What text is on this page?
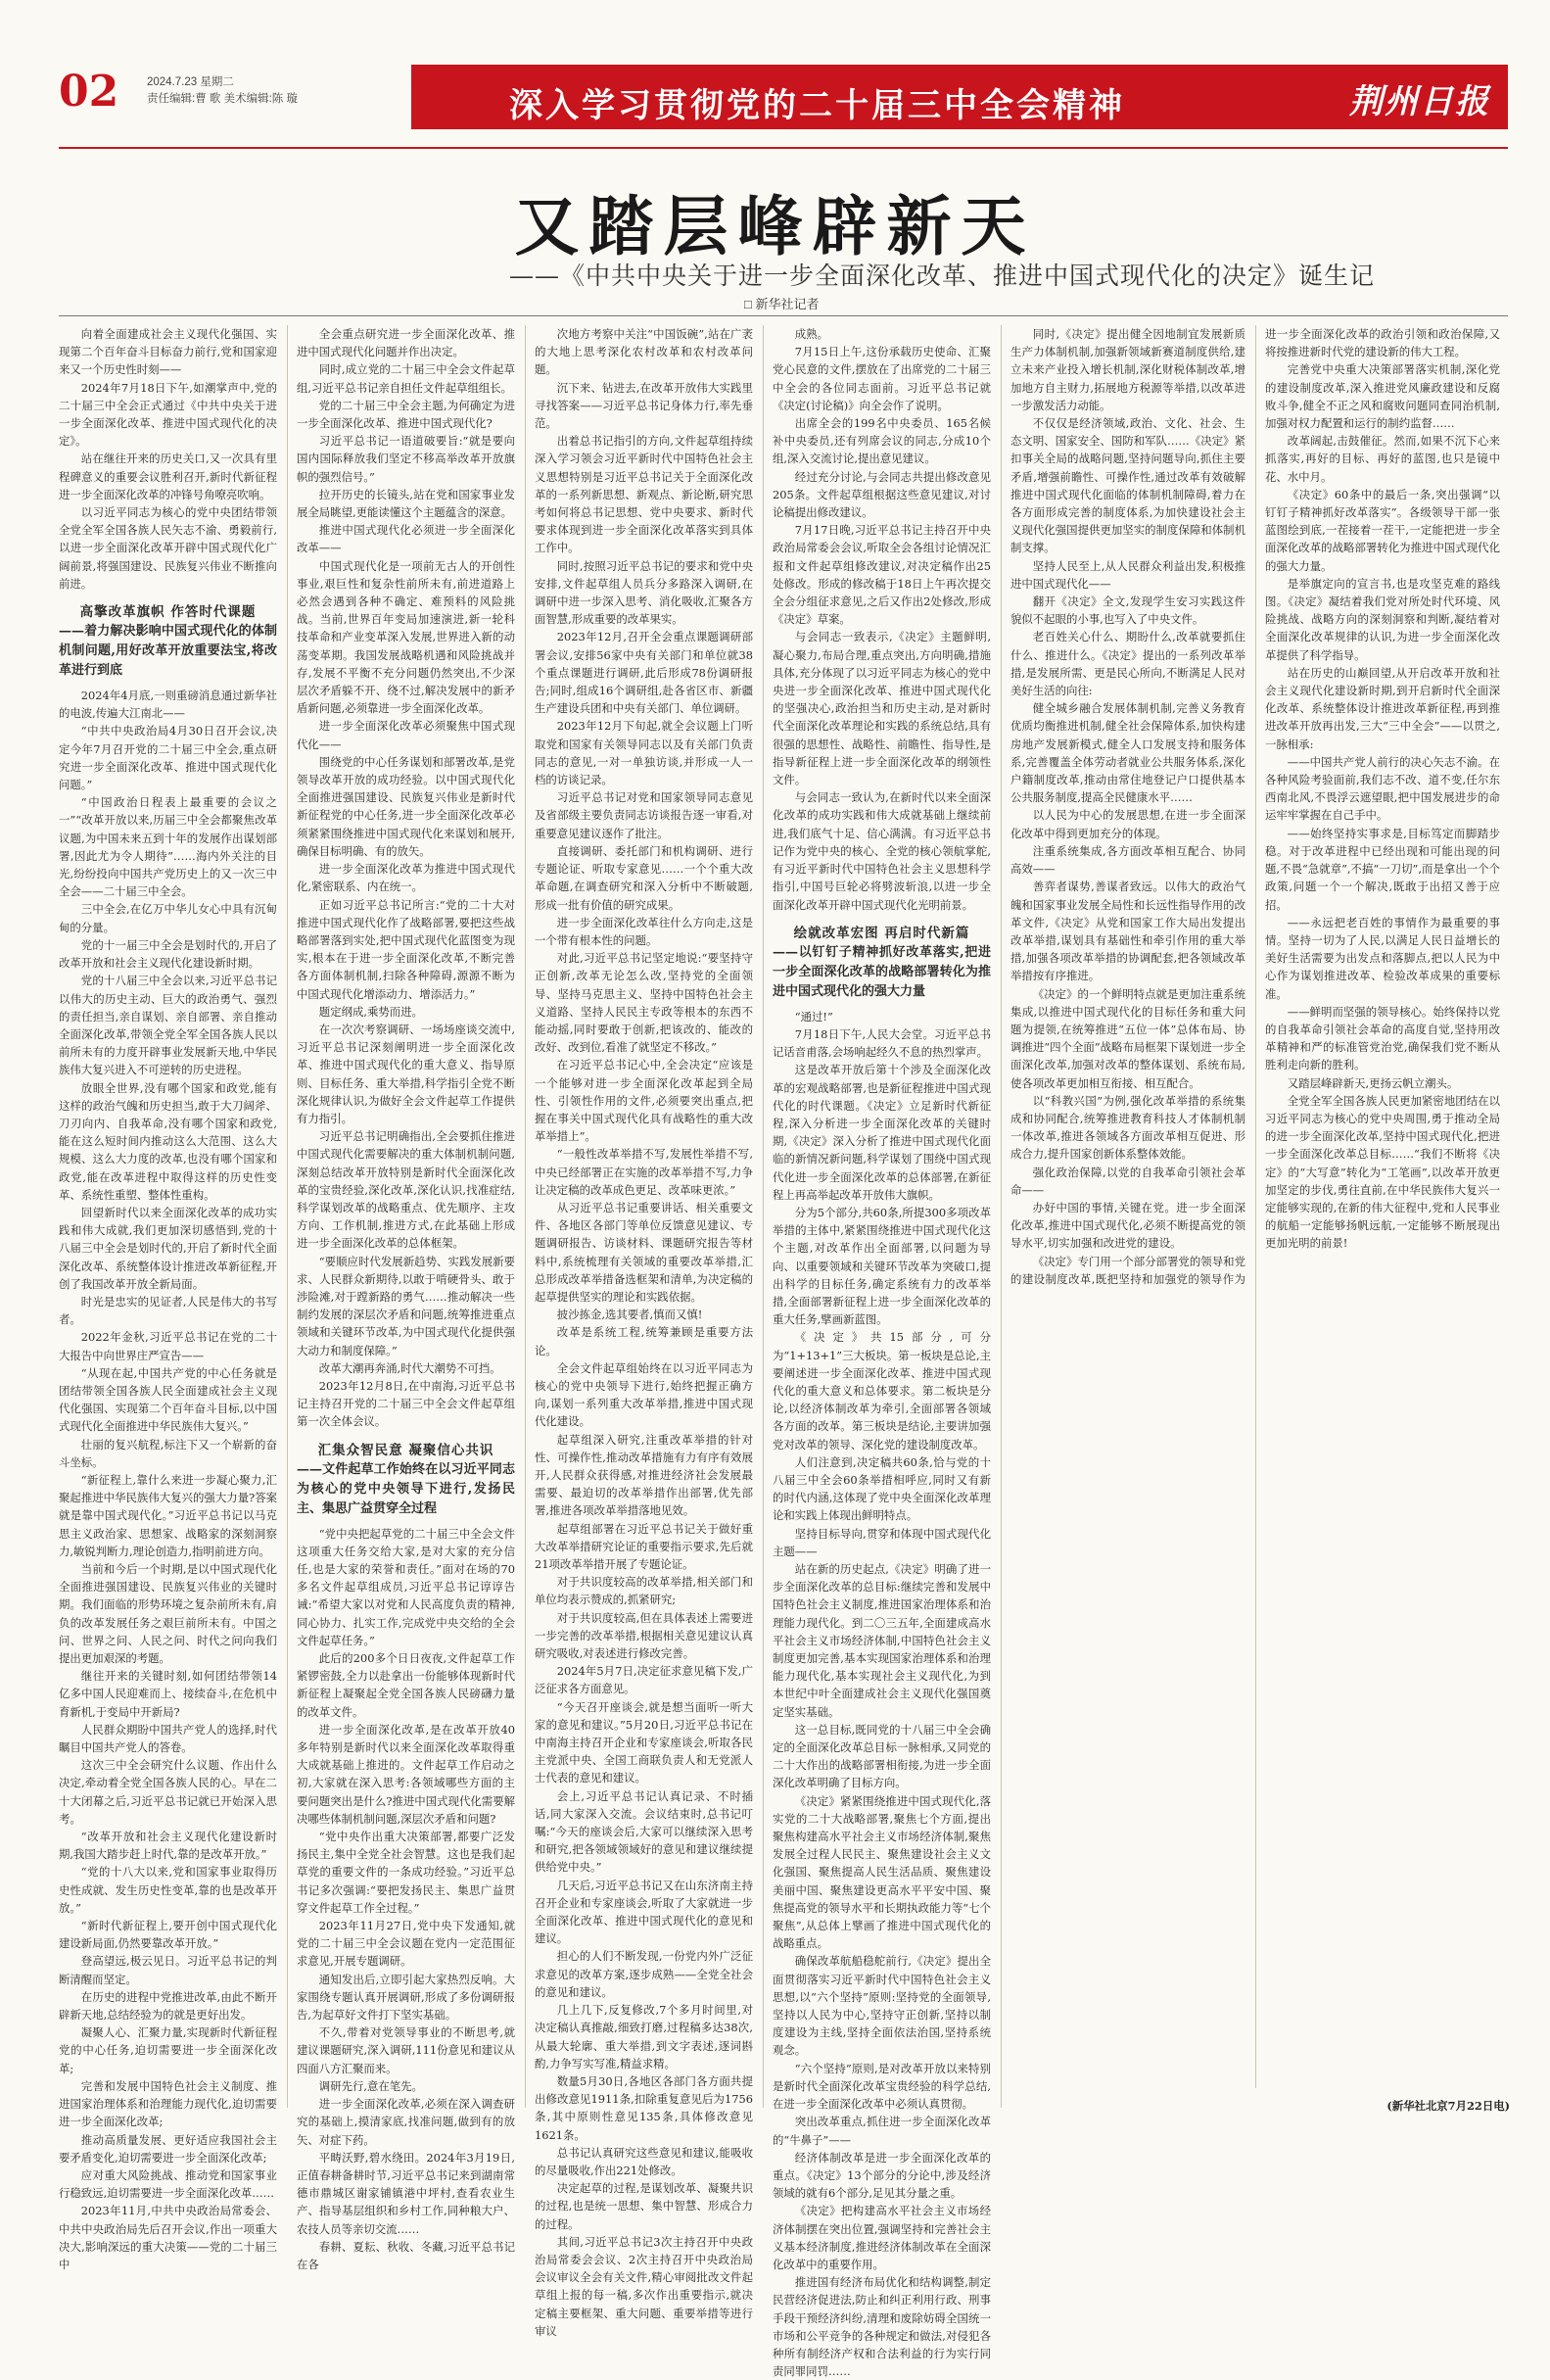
02	2024.7.23 星期二
责任编辑:曹 歌 美术编辑:陈 璇	深入学习贯彻党的二十届三中全会精神	荆州日报
又踏层峰辟新天
——《中共中央关于进一步全面深化改革、推进中国式现代化的决定》诞生记
□ 新华社记者

向着全面建成社会主义现代化强国、实现第二个百年奋斗目标奋力前行,党和国家迎来又一个历史性时刻——

2024年7月18日下午,如潮掌声中,党的二十届三中全会正式通过《中共中央关于进一步全面深化改革、推进中国式现代化的决定》。

站在继往开来的历史关口,又一次具有里程碑意义的重要会议胜利召开,新时代新征程进一步全面深化改革的冲锋号角嘹亮吹响。

以习近平同志为核心的党中央团结带领全党全军全国各族人民矢志不渝、勇毅前行,以进一步全面深化改革开辟中国式现代化广阔前景,将强国建设、民族复兴伟业不断推向前进。

高擎改革旗帜 作答时代课题
——着力解决影响中国式现代化的体制机制问题,用好改革开放重要法宝,将改革进行到底

2024年4月底,一则重磅消息通过新华社的电波,传遍大江南北——

“中共中央政治局4月30日召开会议,决定今年7月召开党的二十届三中全会,重点研究进一步全面深化改革、推进中国式现代化问题。”

“中国政治日程表上最重要的会议之一”“改革开放以来,历届三中全会都聚焦改革议题,为中国未来五到十年的发展作出谋划部署,因此尤为令人期待”……海内外关注的目光,纷纷投向中国共产党历史上的又一次三中全会——二十届三中全会。

三中全会,在亿万中华儿女心中具有沉甸甸的分量。

党的十一届三中全会是划时代的,开启了改革开放和社会主义现代化建设新时期。

党的十八届三中全会以来,习近平总书记以伟大的历史主动、巨大的政治勇气、强烈的责任担当,亲自谋划、亲自部署、亲自推动全面深化改革,带领全党全军全国各族人民以前所未有的力度开辟事业发展新天地,中华民族伟大复兴进入不可逆转的历史进程。

放眼全世界,没有哪个国家和政党,能有这样的政治气魄和历史担当,敢于大刀阔斧、刀刃向内、自我革命,没有哪个国家和政党,能在这么短时间内推动这么大范围、这么大规模、这么大力度的改革,也没有哪个国家和政党,能在改革进程中取得这样的历史性变革、系统性重塑、整体性重构。

回望新时代以来全面深化改革的成功实践和伟大成就,我们更加深切感悟到,党的十八届三中全会是划时代的,开启了新时代全面深化改革、系统整体设计推进改革新征程,开创了我国改革开放全新局面。

时光是忠实的见证者,人民是伟大的书写者。

2022年金秋,习近平总书记在党的二十大报告中向世界庄严宣告——

“从现在起,中国共产党的中心任务就是团结带领全国各族人民全面建成社会主义现代化强国、实现第二个百年奋斗目标,以中国式现代化全面推进中华民族伟大复兴。”

壮丽的复兴航程,标注下又一个崭新的奋斗坐标。

“新征程上,靠什么来进一步凝心聚力,汇聚起推进中华民族伟大复兴的强大力量?答案就是靠中国式现代化。”习近平总书记以马克思主义政治家、思想家、战略家的深刻洞察力,敏锐判断力,理论创造力,指明前进方向。

当前和今后一个时期,是以中国式现代化全面推进强国建设、民族复兴伟业的关键时期。我们面临的形势环境之复杂前所未有,肩负的改革发展任务之艰巨前所未有。中国之问、世界之问、人民之问、时代之问向我们提出更加艰深的考题。

继往开来的关键时刻,如何团结带领14亿多中国人民迎难而上、接续奋斗,在危机中育新机,于变局中开新局?

人民群众期盼中国共产党人的选择,时代瞩目中国共产党人的答卷。

这次三中全会研究什么议题、作出什么决定,牵动着全党全国各族人民的心。早在二十大闭幕之后,习近平总书记就已开始深入思考。

“改革开放和社会主义现代化建设新时期,我国大踏步赶上时代,靠的是改革开放。”

“党的十八大以来,党和国家事业取得历史性成就、发生历史性变革,靠的也是改革开放。”

“新时代新征程上,要开创中国式现代化建设新局面,仍然要靠改革开放。”

登高望远,极云见日。习近平总书记的判断清醒而坚定。

在历史的进程中党推进改革,由此不断开辟新天地,总结经验为的就是更好出发。

凝聚人心、汇聚力量,实现新时代新征程党的中心任务,迫切需要进一步全面深化改革;

完善和发展中国特色社会主义制度、推进国家治理体系和治理能力现代化,迫切需要进一步全面深化改革;

推动高质量发展、更好适应我国社会主要矛盾变化,迫切需要进一步全面深化改革;

应对重大风险挑战、推动党和国家事业行稳致远,迫切需要进一步全面深化改革……

2023年11月,中共中央政治局常委会、中共中央政治局先后召开会议,作出一项重大决大,影响深远的重大决策——党的二十届三中

全会重点研究进一步全面深化改革、推进中国式现代化问题并作出决定。

同时,成立党的二十届三中全会文件起草组,习近平总书记亲自担任文件起草组组长。

党的二十届三中全会主题,为何确定为进一步全面深化改革、推进中国式现代化?

习近平总书记一语道破要旨:“就是要向国内国际释放我们坚定不移高举改革开放旗帜的强烈信号。”

拉开历史的长镜头,站在党和国家事业发展全局眺望,更能读懂这个主题蕴含的深意。

推进中国式现代化必须进一步全面深化改革——

中国式现代化是一项前无古人的开创性事业,艰巨性和复杂性前所未有,前进道路上必然会遇到各种不确定、难预料的风险挑战。当前,世界百年变局加速演进,新一轮科技革命和产业变革深入发展,世界进入新的动荡变革期。我国发展战略机遇和风险挑战并存,发展不平衡不充分问题仍然突出,不少深层次矛盾躲不开、绕不过,解决发展中的新矛盾新问题,必须靠进一步全面深化改革。

进一步全面深化改革必须聚焦中国式现代化——

围绕党的中心任务谋划和部署改革,是党领导改革开放的成功经验。以中国式现代化全面推进强国建设、民族复兴伟业是新时代新征程党的中心任务,进一步全面深化改革必须紧紧围绕推进中国式现代化来谋划和展开,确保目标明确、有的放矢。

进一步全面深化改革为推进中国式现代化,紧密联系、内在统一。

正如习近平总书记所言:“党的二十大对推进中国式现代化作了战略部署,要把这些战略部署落到实处,把中国式现代化蓝图变为现实,根本在于进一步全面深化改革,不断完善各方面体制机制,扫除各种障碍,源源不断为中国式现代化增添动力、增添活力。”

题定纲成,乘势而进。

在一次次考察调研、一场场座谈交流中,习近平总书记深刻阐明进一步全面深化改革、推进中国式现代化的重大意义、指导原则、目标任务、重大举措,科学指引全党不断深化规律认识,为做好全会文件起草工作提供有力指引。

习近平总书记明确指出,全会要抓住推进中国式现代化需要解决的重大体制机制问题,深刻总结改革开放特别是新时代全面深化改革的宝贵经验,深化改革,深化认识,找准症结,科学谋划改革的战略重点、优先顺序、主攻方向、工作机制,推进方式,在此基础上形成进一步全面深化改革的总体框架。

“要顺应时代发展新趋势、实践发展新要求、人民群众新期待,以敢于啃硬骨头、敢于涉险滩,对于蹚新路的勇气……推动解决一些制约发展的深层次矛盾和问题,统筹推进重点领域和关键环节改革,为中国式现代化提供强大动力和制度保障。”

改革大潮再奔涌,时代大潮势不可挡。

2023年12月8日,在中南海,习近平总书记主持召开党的二十届三中全会文件起草组第一次全体会议。

汇集众智民意 凝聚信心共识
——文件起草工作始终在以习近平同志为核心的党中央领导下进行,发扬民主、集思广益贯穿全过程

“党中央把起草党的二十届三中全会文件这项重大任务交给大家,是对大家的充分信任,也是大家的荣誉和责任。”面对在场的70多名文件起草组成员,习近平总书记谆谆告诫:“希望大家以对党和人民高度负责的精神,同心协力、扎实工作,完成党中央交给的全会文件起草任务。”

此后的200多个日日夜夜,文件起草工作紧锣密鼓,全力以赴拿出一份能够体现新时代新征程上凝聚起全党全国各族人民磅礴力量的改革文件。

进一步全面深化改革,是在改革开放40多年特别是新时代以来全面深化改革取得重大成就基础上推进的。文件起草工作启动之初,大家就在深入思考:各领域哪些方面的主要问题突出是什么?推进中国式现代化需要解决哪些体制机制问题,深层次矛盾和问题?

“党中央作出重大决策部署,都要广泛发扬民主,集中全党全社会智慧。这也是我们起草党的重要文件的一条成功经验。”习近平总书记多次强调:“要把发扬民主、集思广益贯穿文件起草工作全过程。”

2023年11月27日,党中央下发通知,就党的二十届三中全会议题在党内一定范围征求意见,开展专题调研。

通知发出后,立即引起大家热烈反响。大家围绕专题认真开展调研,形成了多份调研报告,为起草好文件打下坚实基础。

不久,带着对党领导事业的不断思考,就建议课题研究,深入调研,111份意见和建议从四面八方汇聚而来。

调研先行,意在笔先。

进一步全面深化改革,必须在深入调查研究的基础上,摸清家底,找准问题,做到有的放矢、对症下药。

平畴沃野,碧水绕田。2024年3月19日,正值春耕备耕时节,习近平总书记来到湖南常德市鼎城区谢家铺镇港中坪村,查看农业生产、指导基层组织和乡村工作,同种粮大户、农技人员等亲切交流……

春耕、夏耘、秋收、冬藏,习近平总书记在各

次地方考察中关注“中国饭碗”,站在广袤的大地上思考深化农村改革和农村改革问题。

沉下来、钻进去,在改革开放伟大实践里寻找答案——习近平总书记身体力行,率先垂范。

出着总书记指引的方向,文件起草组持续深入学习领会习近平新时代中国特色社会主义思想特别是习近平总书记关于全面深化改革的一系列新思想、新观点、新论断,研究思考如何将总书记思想、党中央要求、新时代要求体现到进一步全面深化改革落实到具体工作中。

同时,按照习近平总书记的要求和党中央安排,文件起草组人员兵分多路深入调研,在调研中进一步深入思考、消化吸收,汇聚各方面智慧,形成重要的改革果实。

2023年12月,召开全会重点课题调研部署会议,安排56家中央有关部门和单位就38个重点课题进行调研,此后形成78份调研报告;同时,组成16个调研组,赴各省区市、新疆生产建设兵团和中央有关部门、单位调研。

2023年12月下旬起,就全会议题上门听取党和国家有关领导同志以及有关部门负责同志的意见,一对一单独访谈,并形成一人一档的访谈记录。

习近平总书记对党和国家领导同志意见及省部级主要负责同志访谈报告逐一审看,对重要意见建议逐作了批注。

直接调研、委托部门和机构调研、进行专题论证、听取专家意见……一个个重大改革命题,在调查研究和深入分析中不断破题,形成一批有价值的研究成果。

进一步全面深化改革往什么方向走,这是一个带有根本性的问题。

对此,习近平总书记坚定地说:“要坚持守正创新,改革无论怎么改,坚持党的全面领导、坚持马克思主义、坚持中国特色社会主义道路、坚持人民民主专政等根本的东西不能动摇,同时要敢于创新,把该改的、能改的改好、改到位,看准了就坚定不移改。”

在习近平总书记心中,全会决定“应该是一个能够对进一步全面深化改革起到全局性、引领性作用的文件,必须要突出重点,把握在事关中国式现代化具有战略性的重大改革举措上”。

“一般性改革举措不写,发展性举措不写,中央已经部署正在实施的改革举措不写,力争让决定稿的改革成色更足、改革味更浓。”

从习近平总书记重要讲话、相关重要文件、各地区各部门等单位反馈意见建议、专题调研报告、访谈材料、课题研究报告等材料中,系统梳理有关领域的重要改革举措,汇总形成改革举措备选框架和清单,为决定稿的起草提供坚实的理论和实践依据。

披沙拣金,选其要者,慎而又慎!

改革是系统工程,统筹兼顾是重要方法论。

全会文件起草组始终在以习近平同志为核心的党中央领导下进行,始终把握正确方向,谋划一系列重大改革举措,推进中国式现代化建设。

起草组深入研究,注重改革举措的针对性、可操作性,推动改革措施有力有序有效展开,人民群众获得感,对推进经济社会发展最需要、最迫切的改革举措作出部署,优先部署,推进各项改革举措落地见效。

起草组部署在习近平总书记关于做好重大改革举措研究论证的重要指示要求,先后就21项改革举措开展了专题论证。

对于共识度较高的改革举措,相关部门和单位均表示赞成的,抓紧研究;

对于共识度较高,但在具体表述上需要进一步完善的改革举措,根据相关意见建议认真研究吸收,对表述进行修改完善。

2024年5月7日,决定征求意见稿下发,广泛征求各方面意见。

“今天召开座谈会,就是想当面听一听大家的意见和建议。”5月20日,习近平总书记在中南海主持召开企业和专家座谈会,听取各民主党派中央、全国工商联负责人和无党派人士代表的意见和建议。

会上,习近平总书记认真记录、不时插话,同大家深入交流。会议结束时,总书记叮嘱:“今天的座谈会后,大家可以继续深入思考和研究,把各领域领域好的意见和建议继续提供给党中央。”

几天后,习近平总书记又在山东济南主持召开企业和专家座谈会,听取了大家就进一步全面深化改革、推进中国式现代化的意见和建议。

担心的人们不断发现,一份党内外广泛征求意见的改革方案,逐步成熟——全党全社会的意见和建议。

几上几下,反复修改,7个多月时间里,对决定稿认真推敲,细致打磨,过程稿多达38次,从最大轮廓、重大举措,到文字表述,逐词斟酌,力争写实写准,精益求精。

数量5月30日,各地区各部门各方面共提出修改意见1911条,扣除重复意见后为1756条,其中原则性意见135条,具体修改意见1621条。

总书记认真研究这些意见和建议,能吸收的尽量吸收,作出221处修改。

决定起草的过程,是谋划改革、凝聚共识的过程,也是统一思想、集中智慧、形成合力的过程。

其间,习近平总书记3次主持召开中央政治局常委会会议、2次主持召开中央政治局会议审议全会有关文件,精心审阅批改文件起草组上报的每一稿,多次作出重要指示,就决定稿主要框架、重大问题、重要举措等进行审议

成熟。

7月15日上午,这份承载历史使命、汇聚党心民意的文件,摆放在了出席党的二十届三中全会的各位同志面前。习近平总书记就《决定(讨论稿)》向全会作了说明。

出席全会的199名中央委员、165名候补中央委员,还有列席会议的同志,分成10个组,深入交流讨论,提出意见建议。

经过充分讨论,与会同志共提出修改意见205条。文件起草组根据这些意见建议,对讨论稿提出修改建议。

7月17日晚,习近平总书记主持召开中央政治局常委会会议,听取全会各组讨论情况汇报和文件起草组修改建议,对决定稿作出25处修改。形成的修改稿于18日上午再次提交全会分组征求意见,之后又作出2处修改,形成《决定》草案。

与会同志一致表示,《决定》主题鲜明,凝心聚力,布局合理,重点突出,方向明确,措施具体,充分体现了以习近平同志为核心的党中央进一步全面深化改革、推进中国式现代化的坚强决心,政治担当和历史主动,是对新时代全面深化改革理论和实践的系统总结,具有很强的思想性、战略性、前瞻性、指导性,是指导新征程上进一步全面深化改革的纲领性文件。

与会同志一致认为,在新时代以来全面深化改革的成功实践和伟大成就基础上继续前进,我们底气十足、信心满满。有习近平总书记作为党中央的核心、全党的核心领航掌舵,有习近平新时代中国特色社会主义思想科学指引,中国号巨轮必将劈波斩浪,以进一步全面深化改革开辟中国式现代化光明前景。

绘就改革宏图 再启时代新篇
——以钉钉子精神抓好改革落实,把进一步全面深化改革的战略部署转化为推进中国式现代化的强大力量

“通过!”

7月18日下午,人民大会堂。习近平总书记话音甫落,会场响起经久不息的热烈掌声。

这是改革开放后第十个涉及全面深化改革的宏观战略部署,也是新征程推进中国式现代化的时代课题。《决定》立足新时代新征程,深入分析进一步全面深化改革的关键时期,《决定》深入分析了推进中国式现代化面临的新情况新问题,科学谋划了围绕中国式现代化进一步全面深化改革的总体部署,在新征程上再高举起改革开放伟大旗帜。

分为5个部分,共60条,所提300多项改革举措的主体中,紧紧围绕推进中国式现代化这个主题,对改革作出全面部署,以问题为导向、以重要领域和关键环节改革为突破口,提出科学的目标任务,确定系统有力的改革举措,全面部署新征程上进一步全面深化改革的重大任务,擘画新蓝图。

《决定》共15部分,可分为“1+13+1”三大板块。第一板块是总论,主要阐述进一步全面深化改革、推进中国式现代化的重大意义和总体要求。第二板块是分论,以经济体制改革为牵引,全面部署各领域各方面的改革。第三板块是结论,主要讲加强党对改革的领导、深化党的建设制度改革。

人们注意到,决定稿共60条,恰与党的十八届三中全会60条举措相呼应,同时又有新的时代内涵,这体现了党中央全面深化改革理论和实践上体现出鲜明特点。

坚持目标导向,贯穿和体现中国式现代化主题——

站在新的历史起点,《决定》明确了进一步全面深化改革的总目标:继续完善和发展中国特色社会主义制度,推进国家治理体系和治理能力现代化。到二〇三五年,全面建成高水平社会主义市场经济体制,中国特色社会主义制度更加完善,基本实现国家治理体系和治理能力现代化,基本实现社会主义现代化,为到本世纪中叶全面建成社会主义现代化强国奠定坚实基础。

这一总目标,既同党的十八届三中全会确定的全面深化改革总目标一脉相承,又同党的二十大作出的战略部署相衔接,为进一步全面深化改革明确了目标方向。

《决定》紧紧围绕推进中国式现代化,落实党的二十大战略部署,聚焦七个方面,提出聚焦构建高水平社会主义市场经济体制,聚焦发展全过程人民民主、聚焦建设社会主义文化强国、聚焦提高人民生活品质、聚焦建设美丽中国、聚焦建设更高水平平安中国、聚焦提高党的领导水平和长期执政能力等“七个聚焦”,从总体上擘画了推进中国式现代化的战略重点。

确保改革航船稳舵前行,《决定》提出全面贯彻落实习近平新时代中国特色社会主义思想,以“六个坚持”原则:坚持党的全面领导,坚持以人民为中心,坚持守正创新,坚持以制度建设为主线,坚持全面依法治国,坚持系统观念。

“六个坚持”原则,是对改革开放以来特别是新时代全面深化改革宝贵经验的科学总结,在进一步全面深化改革中必须认真贯彻。

突出改革重点,抓住进一步全面深化改革的“牛鼻子”——

经济体制改革是进一步全面深化改革的重点。《决定》13个部分的分论中,涉及经济领域的就有6个部分,足见其分量之重。

《决定》把构建高水平社会主义市场经济体制摆在突出位置,强调坚持和完善社会主义基本经济制度,推进经济体制改革在全面深化改革中的重要作用。

推进国有经济布局优化和结构调整,制定民营经济促进法,防止和纠正利用行政、刑事手段干预经济纠纷,清理和废除妨碍全国统一市场和公平竞争的各种规定和做法,对侵犯各种所有制经济产权和合法利益的行为实行同责同罪同罚……

同时,《决定》提出健全因地制宜发展新质生产力体制机制,加强新领域新赛道制度供给,建立未来产业投入增长机制,深化财税体制改革,增加地方自主财力,拓展地方税源等举措,以改革进一步激发活力动能。

不仅仅是经济领域,政治、文化、社会、生态文明、国家安全、国防和军队……《决定》紧扣事关全局的战略问题,坚持问题导向,抓住主要矛盾,增强前瞻性、可操作性,通过改革有效破解推进中国式现代化面临的体制机制障碍,着力在各方面形成完善的制度体系,为加快建设社会主义现代化强国提供更加坚实的制度保障和体制机制支撑。

坚持人民至上,从人民群众利益出发,积极推进中国式现代化——

翻开《决定》全文,发现学生安习实践这件貌似不起眼的小事,也写入了中央文件。

老百姓关心什么、期盼什么,改革就要抓住什么、推进什么。《决定》提出的一系列改革举措,是发展所需、更是民心所向,不断满足人民对美好生活的向往:

健全城乡融合发展体制机制,完善义务教育优质均衡推进机制,健全社会保障体系,加快构建房地产发展新模式,健全人口发展支持和服务体系,完善覆盖全体劳动者就业公共服务体系,深化户籍制度改革,推动由常住地登记户口提供基本公共服务制度,提高全民健康水平……

以人民为中心的发展思想,在进一步全面深化改革中得到更加充分的体现。

注重系统集成,各方面改革相互配合、协同高效——

善弈者谋势,善谋者致远。以伟大的政治气魄和国家事业发展全局性和长远性指导作用的改革文件,《决定》从党和国家工作大局出发提出改革举措,谋划具有基础性和牵引作用的重大举措,加强各项改革举措的协调配套,把各领域改革举措按有序推进。

《决定》的一个鲜明特点就是更加注重系统集成,以推进中国式现代化的目标任务和重大问题为提领,在统筹推进“五位一体”总体布局、协调推进“四个全面”战略布局框架下谋划进一步全面深化改革,加强对改革的整体谋划、系统布局,使各项改革更加相互衔接、相互配合。

以“科教兴国”为例,强化改革举措的系统集成和协同配合,统筹推进教育科技人才体制机制一体改革,推进各领域各方面改革相互促进、形成合力,提升国家创新体系整体效能。

强化政治保障,以党的自我革命引领社会革命——

办好中国的事情,关键在党。进一步全面深化改革,推进中国式现代化,必须不断提高党的领导水平,切实加强和改进党的建设。

《决定》专门用一个部分部署党的领导和党的建设制度改革,既把坚持和加强党的领导作为进一步全面深化改革的政治引领和政治保障,又将按推进新时代党的建设新的伟大工程。

完善党中央重大决策部署落实机制,深化党的建设制度改革,深入推进党风廉政建设和反腐败斗争,健全不正之风和腐败问题同查同治机制,加强对权力配置和运行的制约监督……

改革阔起,击鼓催征。然而,如果不沉下心来抓落实,再好的目标、再好的蓝图,也只是镜中花、水中月。

《决定》60条中的最后一条,突出强调“以钉钉子精神抓好改革落实”。各级领导干部一张蓝图绘到底,一茬接着一茬干,一定能把进一步全面深化改革的战略部署转化为推进中国式现代化的强大力量。

是举旗定向的宣言书,也是攻坚克难的路线图。《决定》凝结着我们党对所处时代环境、风险挑战、战略方向的深刻洞察和判断,凝结着对全面深化改革规律的认识,为进一步全面深化改革提供了科学指导。

站在历史的山巅回望,从开启改革开放和社会主义现代化建设新时期,到开启新时代全面深化改革、系统整体设计推进改革新征程,再到推进改革开放再出发,三大“三中全会”——以贯之,一脉相承:

——中国共产党人前行的决心矢志不渝。在各种风险考验面前,我们志不改、道不变,任尔东西南北风,不畏浮云遮望眼,把中国发展进步的命运牢牢掌握在自己手中。

——始终坚持实事求是,目标笃定而脚踏步稳。对于改革进程中已经出现和可能出现的问题,不畏“急就章”,不搞“一刀切”,而是拿出一个个政策,问题一个一个解决,既敢于出招又善于应招。

——永远把老百姓的事情作为最重要的事情。坚持一切为了人民,以满足人民日益增长的美好生活需要为出发点和落脚点,把以人民为中心作为谋划推进改革、检验改革成果的重要标准。

——鲜明而坚强的领导核心。始终保持以党的自我革命引领社会革命的高度自觉,坚持用改革精神和严的标准管党治党,确保我们党不断从胜利走向新的胜利。

又踏层峰辟新天,更扬云帆立潮头。

全党全军全国各族人民更加紧密地团结在以习近平同志为核心的党中央周围,勇于推动全局的进一步全面深化改革,坚持中国式现代化,把进一步全面深化改革总目标……“我们不断将《决定》的“大写意”转化为“工笔画”,以改革开放更加坚定的步伐,勇往直前,在中华民族伟大复兴一定能够实现的,在新的伟大征程中,党和人民事业的航船一定能够扬帆远航,一定能够不断展现出更加光明的前景!

(新华社北京7月22日电)
